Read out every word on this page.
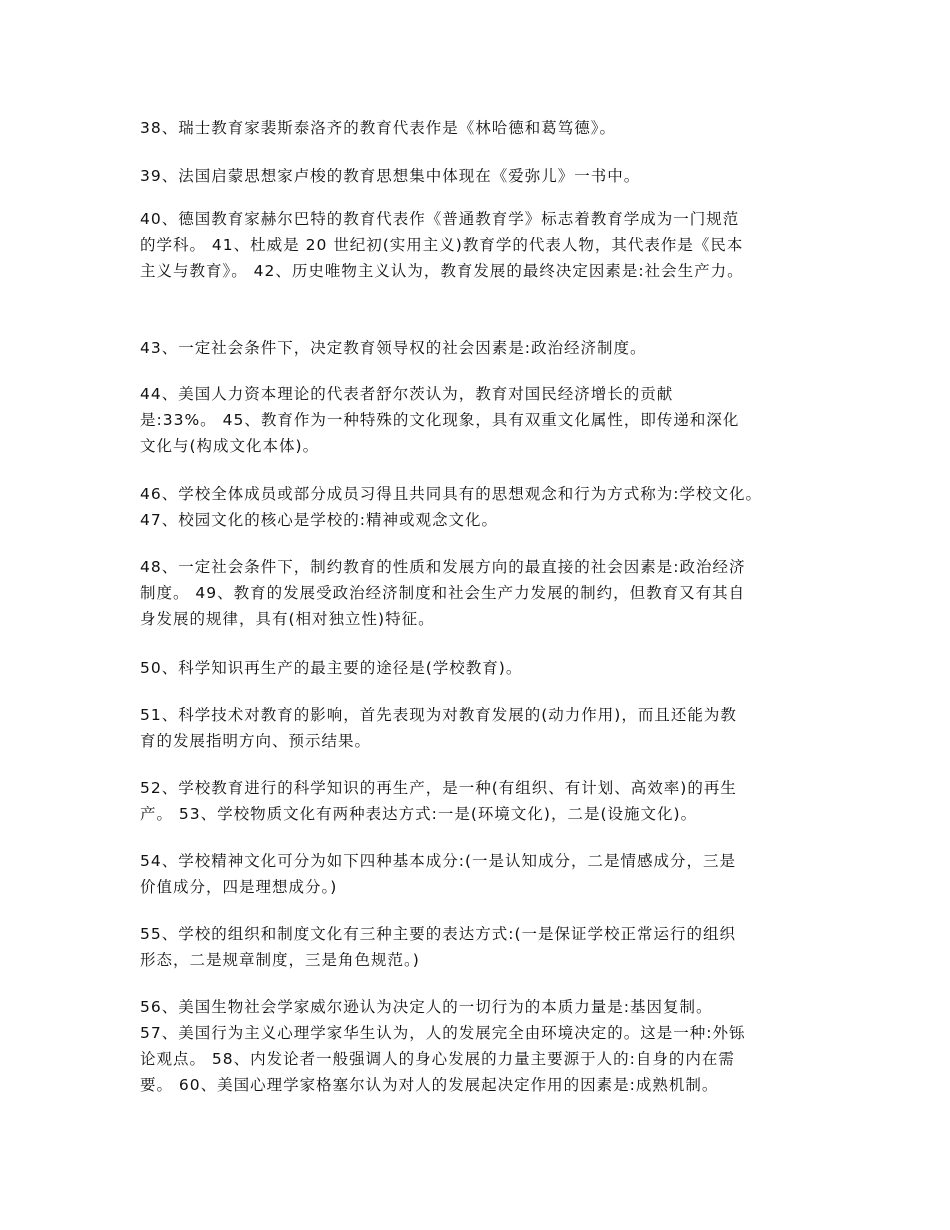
38、瑞士教育家裴斯泰洛齐的教育代表作是《林哈德和葛笃德》。
39、法国启蒙思想家卢梭的教育思想集中体现在《爱弥儿》一书中。
40、德国教育家赫尔巴特的教育代表作《普通教育学》标志着教育学成为一门规范
的学科。 41、杜威是 20 世纪初(实用主义)教育学的代表人物，其代表作是《民本
主义与教育》。 42、历史唯物主义认为，教育发展的最终决定因素是:社会生产力。
43、一定社会条件下，决定教育领导权的社会因素是:政治经济制度。
44、美国人力资本理论的代表者舒尔茨认为，教育对国民经济增长的贡献
是:33%。 45、教育作为一种特殊的文化现象，具有双重文化属性，即传递和深化
文化与(构成文化本体)。
46、学校全体成员或部分成员习得且共同具有的思想观念和行为方式称为:学校文化。
47、校园文化的核心是学校的:精神或观念文化。
48、一定社会条件下，制约教育的性质和发展方向的最直接的社会因素是:政治经济
制度。 49、教育的发展受政治经济制度和社会生产力发展的制约，但教育又有其自
身发展的规律，具有(相对独立性)特征。
50、科学知识再生产的最主要的途径是(学校教育)。
51、科学技术对教育的影响，首先表现为对教育发展的(动力作用)，而且还能为教
育的发展指明方向、预示结果。
52、学校教育进行的科学知识的再生产，是一种(有组织、有计划、高效率)的再生
产。 53、学校物质文化有两种表达方式:一是(环境文化)，二是(设施文化)。
54、学校精神文化可分为如下四种基本成分:(一是认知成分，二是情感成分，三是
价值成分，四是理想成分。)
55、学校的组织和制度文化有三种主要的表达方式:(一是保证学校正常运行的组织
形态，二是规章制度，三是角色规范。)
56、美国生物社会学家威尔逊认为决定人的一切行为的本质力量是:基因复制。
57、美国行为主义心理学家华生认为，人的发展完全由环境决定的。这是一种:外铄
论观点。 58、内发论者一般强调人的身心发展的力量主要源于人的:自身的内在需
要。 60、美国心理学家格塞尔认为对人的发展起决定作用的因素是:成熟机制。
